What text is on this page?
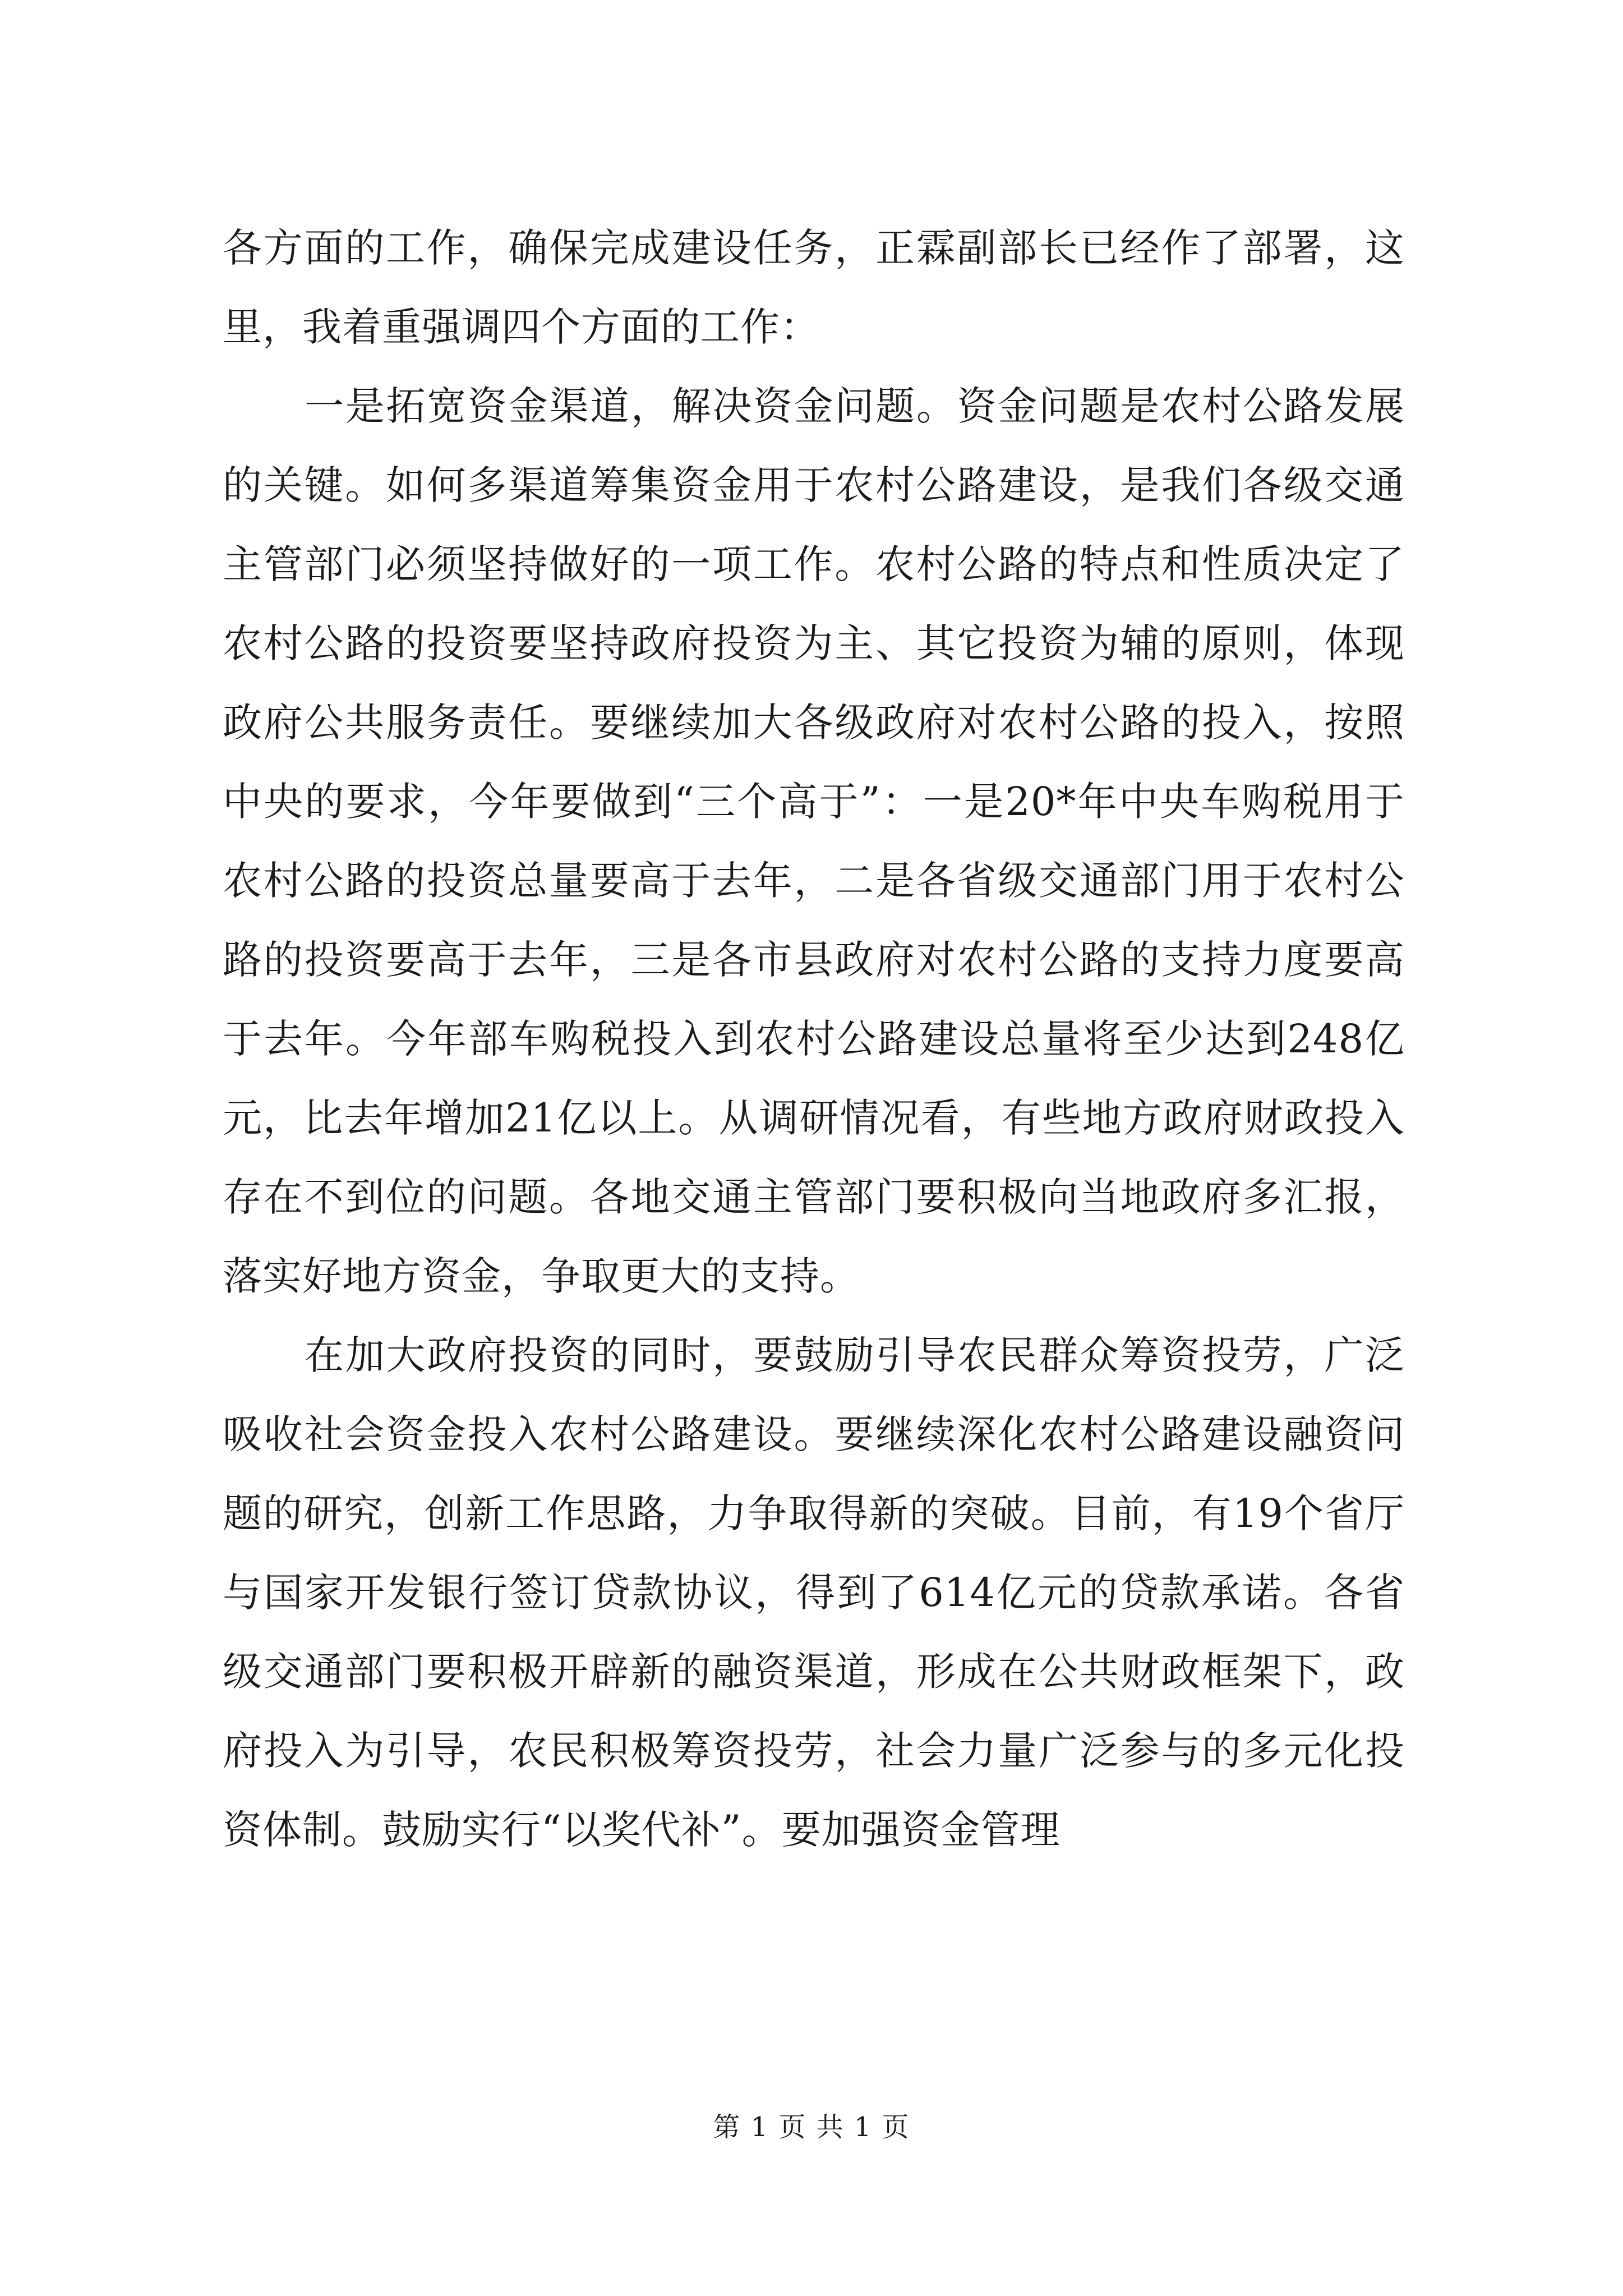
各方面的工作，确保完成建设任务，正霖副部长已经作了部署，这里，我着重强调四个方面的工作：

一是拓宽资金渠道，解决资金问题。资金问题是农村公路发展的关键。如何多渠道筹集资金用于农村公路建设，是我们各级交通主管部门必须坚持做好的一项工作。农村公路的特点和性质决定了农村公路的投资要坚持政府投资为主、其它投资为辅的原则，体现政府公共服务责任。要继续加大各级政府对农村公路的投入，按照中央的要求，今年要做到“三个高于”：一是20*年中央车购税用于农村公路的投资总量要高于去年，二是各省级交通部门用于农村公路的投资要高于去年，三是各市县政府对农村公路的支持力度要高于去年。今年部车购税投入到农村公路建设总量将至少达到248亿元，比去年增加21亿以上。从调研情况看，有些地方政府财政投入存在不到位的问题。各地交通主管部门要积极向当地政府多汇报，落实好地方资金，争取更大的支持。

在加大政府投资的同时，要鼓励引导农民群众筹资投劳，广泛吸收社会资金投入农村公路建设。要继续深化农村公路建设融资问题的研究，创新工作思路，力争取得新的突破。目前，有19个省厅与国家开发银行签订贷款协议，得到了614亿元的贷款承诺。各省级交通部门要积极开辟新的融资渠道，形成在公共财政框架下，政府投入为引导，农民积极筹资投劳，社会力量广泛参与的多元化投资体制。鼓励实行“以奖代补”。要加强资金管理

第 1 页 共 1 页
